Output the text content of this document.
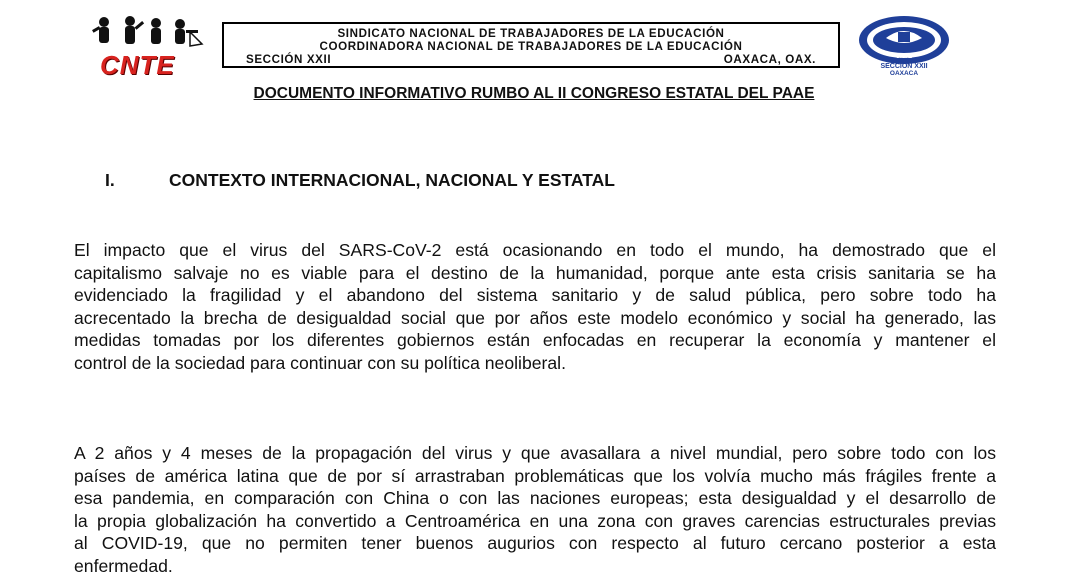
CNTE
SINDICATO NACIONAL DE TRABAJADORES DE LA EDUCACIÓN
COORDINADORA NACIONAL DE TRABAJADORES DE LA EDUCACIÓN
SECCIÓN XXII	OAXACA, OAX.	SNTE
SECCION XXII
OAXACA
DOCUMENTO INFORMATIVO RUMBO AL II CONGRESO ESTATAL DEL PAAE
I.	CONTEXTO INTERNACIONAL, NACIONAL Y ESTATAL
El impacto que el virus del SARS-CoV-2 está ocasionando en todo el mundo, ha demostrado que el
capitalismo salvaje no es viable para el destino de la humanidad, porque ante esta crisis sanitaria se ha
evidenciado la fragilidad y el abandono del sistema sanitario y de salud pública, pero sobre todo ha
acrecentado la brecha de desigualdad social que por años este modelo económico y social ha generado, las
medidas tomadas por los diferentes gobiernos están enfocadas en recuperar la economía y mantener el
control de la sociedad para continuar con su política neoliberal.
A 2 años y 4 meses de la propagación del virus y que avasallara a nivel mundial, pero sobre todo con los
países de américa latina que de por sí arrastraban problemáticas que los volvía mucho más frágiles frente a
esa pandemia, en comparación con China o con las naciones europeas; esta desigualdad y el desarrollo de
la propia globalización ha convertido a Centroamérica en una zona con graves carencias estructurales previas
al COVID-19, que no permiten tener buenos augurios con respecto al futuro cercano posterior a esta
enfermedad.
